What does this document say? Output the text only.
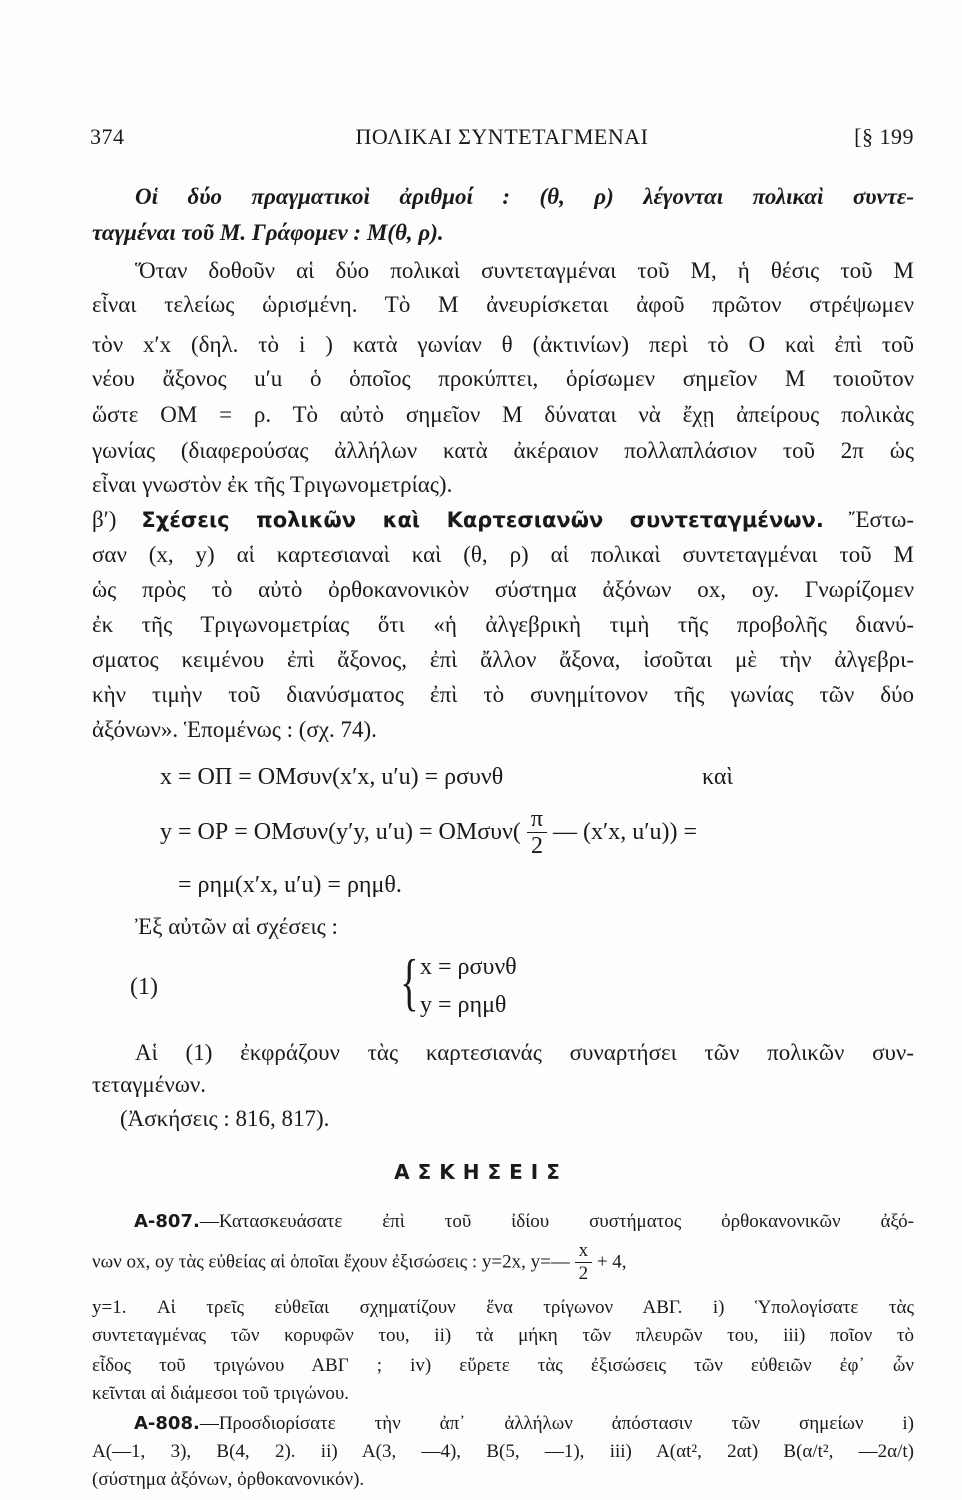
374	ΠΟΛΙΚΑΙ ΣΥΝΤΕΤΑΓΜΕΝΑΙ	[§ 199
Οἱ δύο πραγματικοὶ ἀριθμοί : (θ, ρ) λέγονται πολικαὶ συντε-
ταγμέναι τοῦ Μ. Γράφομεν : Μ(θ, ρ).
Ὅταν δοθοῦν αἱ δύο πολικαὶ συντεταγμέναι τοῦ Μ, ἡ θέσις τοῦ Μ
εἶναι τελείως ὡρισμένη. Τὸ Μ ἀνευρίσκεται ἀφοῦ πρῶτον στρέψωμεν
τὸν x′x (δηλ. τὸ i ) κατὰ γωνίαν θ (ἀκτινίων) περὶ τὸ Ο καὶ ἐπὶ τοῦ
νέου ἄξονος u′u ὁ ὁποῖος προκύπτει, ὁρίσωμεν σημεῖον Μ τοιοῦτον
ὥστε ΟΜ = ρ. Τὸ αὐτὸ σημεῖον Μ δύναται νὰ ἔχῃ ἀπείρους πολικὰς
γωνίας (διαφερούσας ἀλλήλων κατὰ ἀκέραιον πολλαπλάσιον τοῦ 2π ὡς
εἶναι γνωστὸν ἐκ τῆς Τριγωνομετρίας).
β′) Σχέσεις πολικῶν καὶ Καρτεσιανῶν συντεταγμένων. Ἔστω-
σαν (x, y) αἱ καρτεσιαναὶ καὶ (θ, ρ) αἱ πολικαὶ συντεταγμέναι τοῦ Μ
ὡς πρὸς τὸ αὐτὸ ὀρθοκανονικὸν σύστημα ἀξόνων οx, οy. Γνωρίζομεν
ἐκ τῆς Τριγωνομετρίας ὅτι «ἡ ἀλγεβρικὴ τιμὴ τῆς προβολῆς διανύ-
σματος κειμένου ἐπὶ ἄξονος, ἐπὶ ἄλλον ἄξονα, ἰσοῦται μὲ τὴν ἀλγεβρι-
κὴν τιμὴν τοῦ διανύσματος ἐπὶ τὸ συνημίτονον τῆς γωνίας τῶν δύο
ἀξόνων». Ἑπομένως : (σχ. 74).
x = ΟΠ = ΟΜσυν(x′x, u′u) = ρσυνθ	καὶ
y = ΟΡ = ΟΜσυν(y′y, $u'u) = OM\sigma\upsilon\nu( \frac{\pi}{2}$ — (x′x, u′u)) =
= ρημ(x′x, u′u) = ρημθ.
Ἐξ αὐτῶν αἱ σχέσεις :
(1)	{ x = ρσυνθ
y = ρημθ
Αἱ (1) ἐκφράζουν τὰς καρτεσιανάς συναρτήσει τῶν πολικῶν συν-
τεταγμένων.
(Ἀσκήσεις : 816, 817).
ΑΣΚΗΣΕΙΣ
Α-807.—Κατασκευάσατε ἐπὶ τοῦ ἰδίου συστήματος ὀρθοκανονικῶν ἀξό-
νων οx, οy τὰς εὐθείας αἱ ὁποῖαι ἔχουν ἐξισώσεις : y=2x, y=— $\frac{x}{2} + 4$,
y=1. Αἱ τρεῖς εὐθεῖαι σχηματίζουν ἕνα τρίγωνον ΑΒΓ. i) Ὑπολογίσατε τὰς
συντεταγμένας τῶν κορυφῶν του, ii) τὰ μήκη τῶν πλευρῶν του, iii) ποῖον τὸ
εἶδος τοῦ τριγώνου ΑΒΓ ; iv) εὕρετε τὰς ἐξισώσεις τῶν εὐθειῶν ἐφ᾽ ὧν
κεῖνται αἱ διάμεσοι τοῦ τριγώνου.
Α-808.—Προσδιορίσατε τὴν ἀπ᾽ ἀλλήλων ἀπόστασιν τῶν σημείων i)
Α(—1, 3), Β(4, 2). ii) Α(3, —4), Β(5, —1), iii) Α(αt², 2αt) Β(α/t², —2α/t)
(σύστημα ἀξόνων, ὀρθοκανονικόν).
